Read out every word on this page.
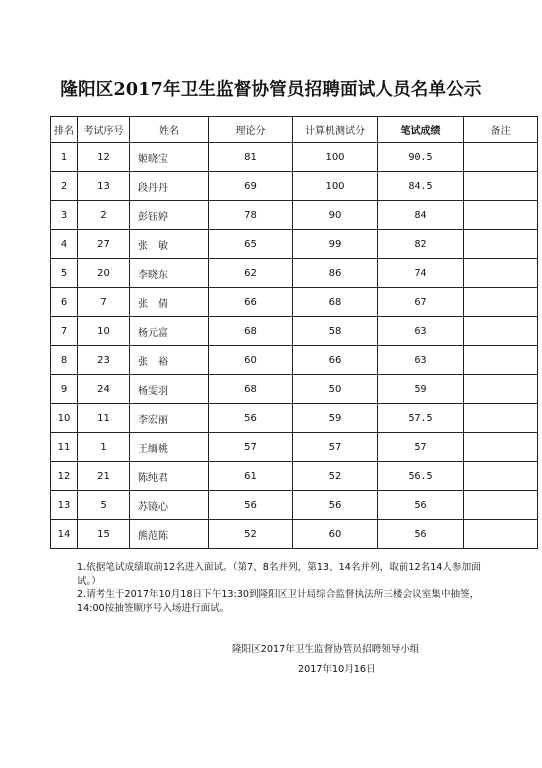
隆阳区2017年卫生监督协管员招聘面试人员名单公示
排名	考试序号	姓名	理论分	计算机测试分	笔试成绩	备注
1	12	姬晓宝	81	100	90.5	
2	13	段丹丹	69	100	84.5	
3	2	彭钰婷	78	90	84	
4	27	张　敏	65	99	82	
5	20	李晓东	62	86	74	
6	7	张　倩	66	68	67	
7	10	杨元富	68	58	63	
8	23	张　裕	60	66	63	
9	24	杨雯羽	68	50	59	
10	11	李宏丽	56	59	57.5	
11	1	王缅桃	57	57	57	
12	21	陈纯君	61	52	56.5	
13	5	苏镜心	56	56	56	
14	15	熊范陈	52	60	56	

1.依据笔试成绩取前12名进入面试。（第7、8名并列，第13、14名并列，取前12名14人参加面试。）

2.请考生于2017年10月18日下午13:30到隆阳区卫计局综合监督执法所三楼会议室集中抽签，14:00按抽签顺序号入场进行面试。

隆阳区2017年卫生监督协管员招聘领导小组
2017年10月16日
